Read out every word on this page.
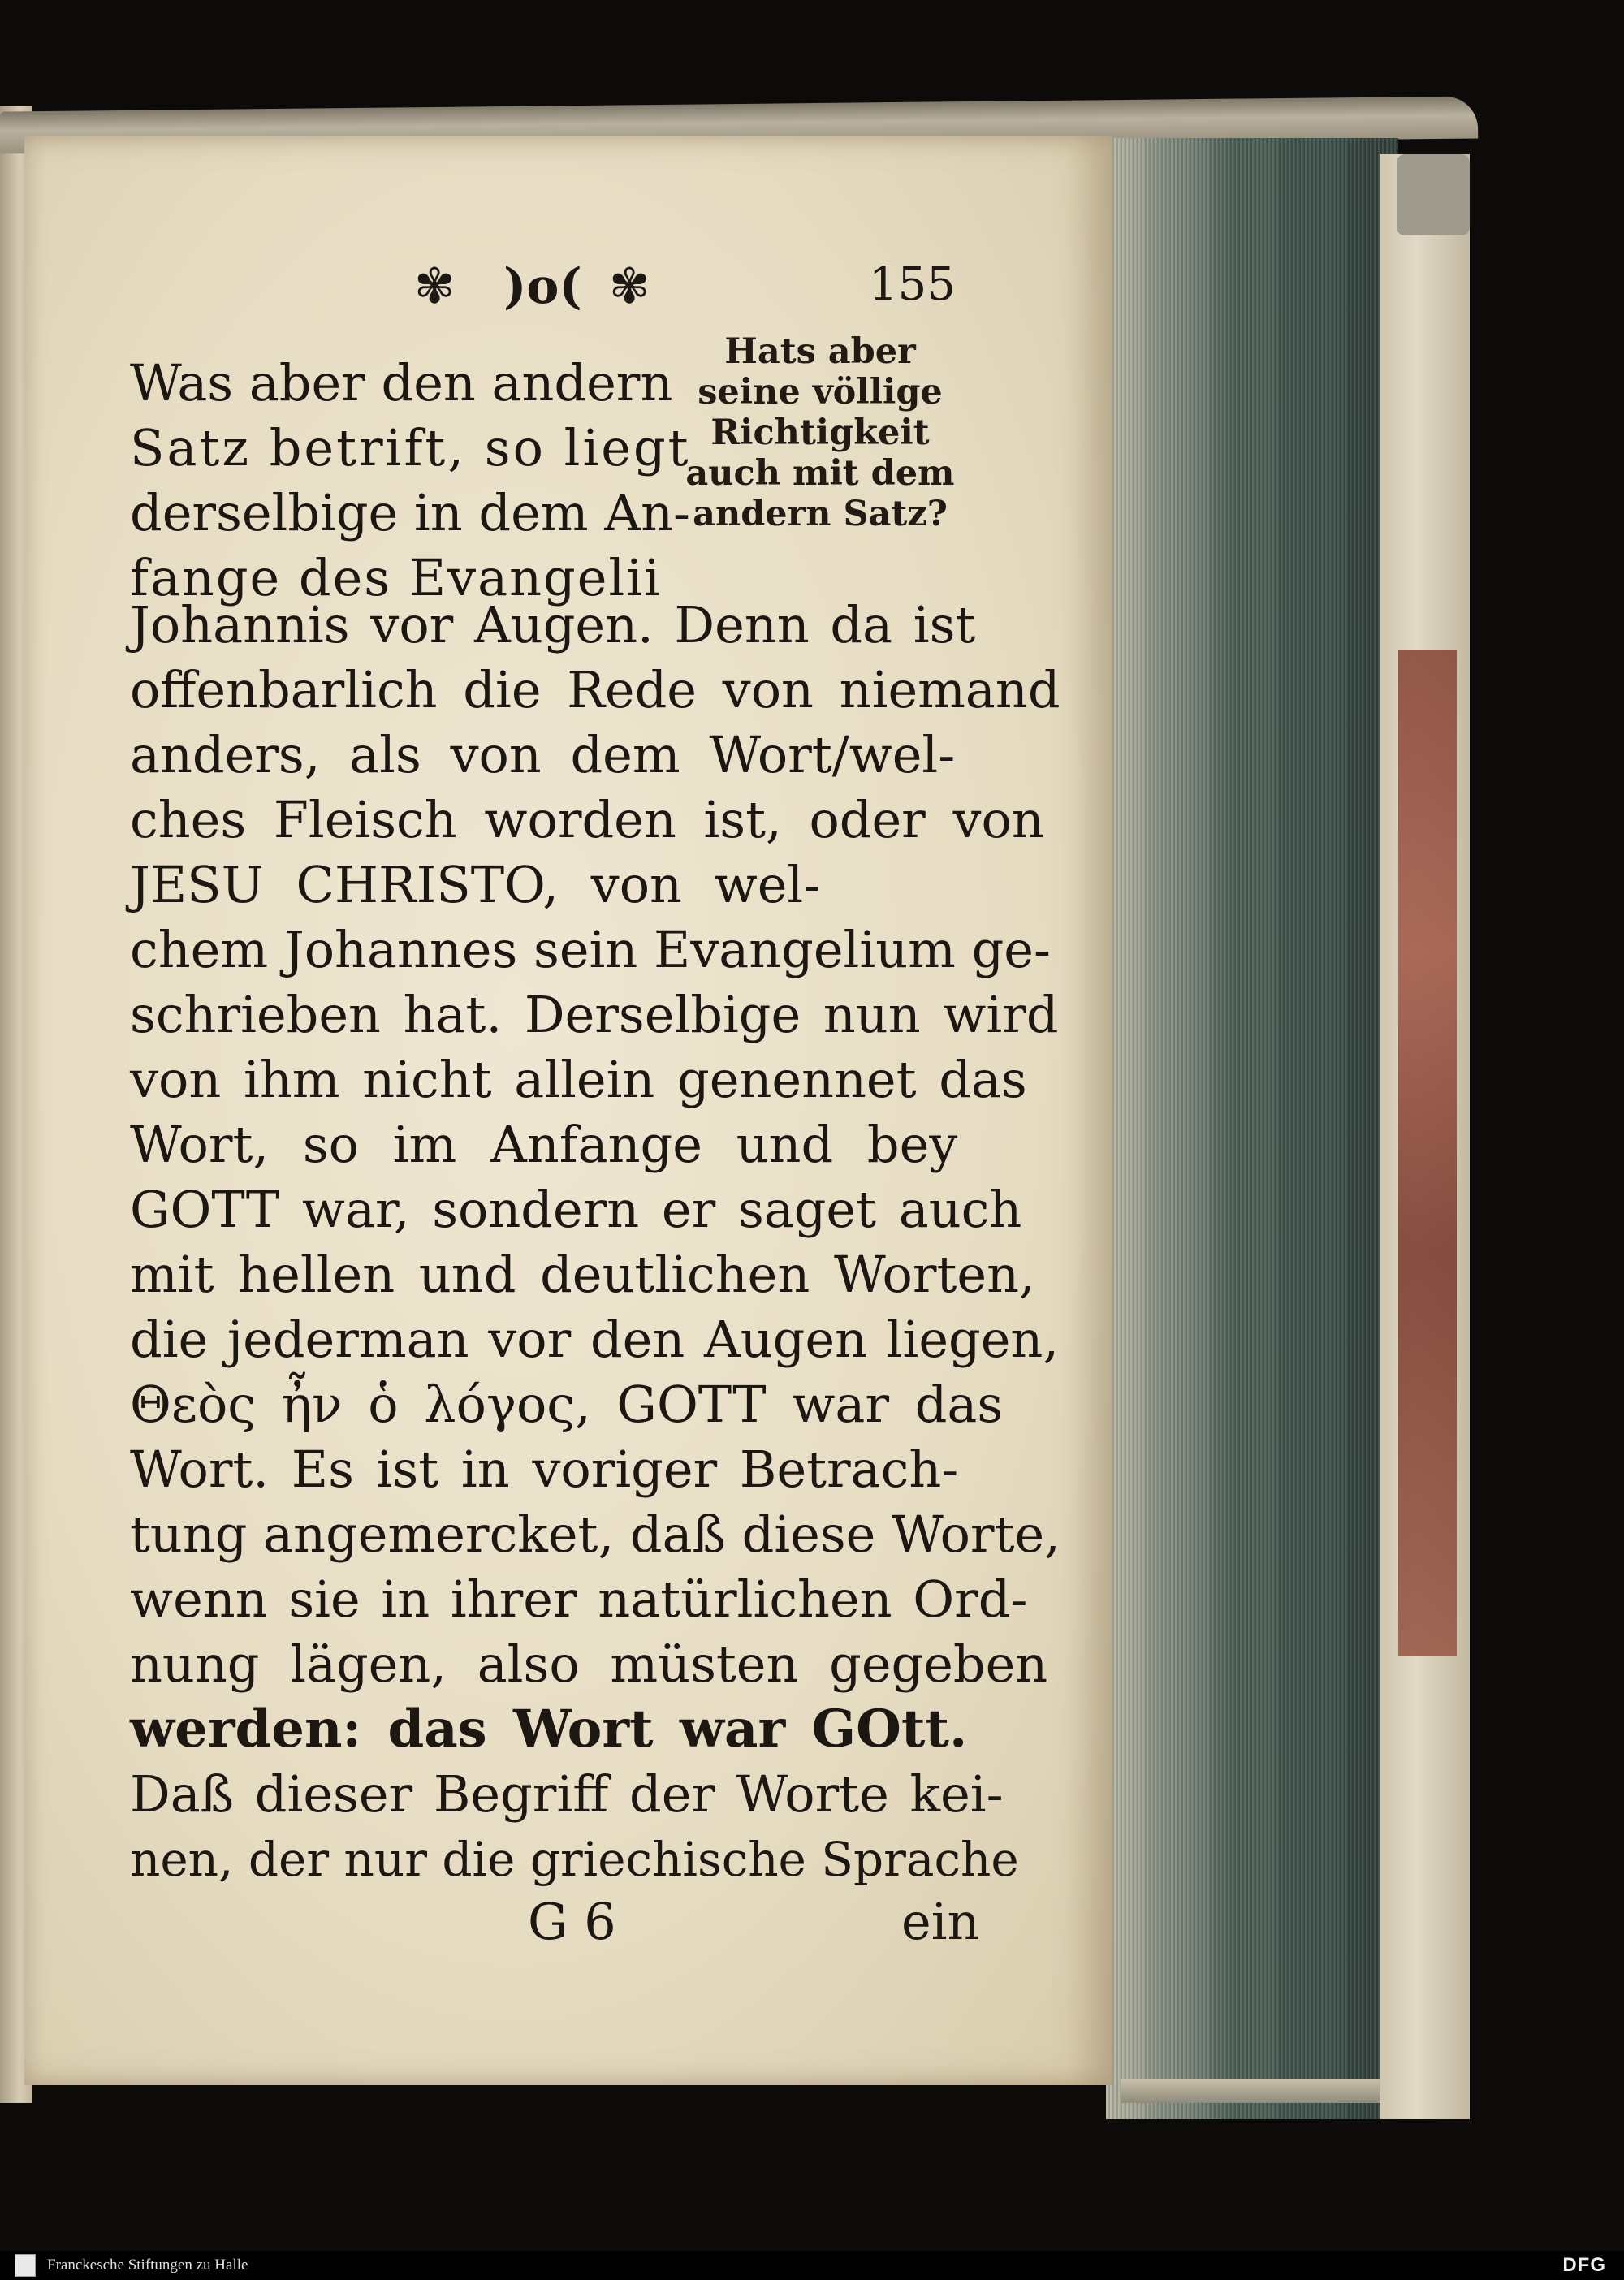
✾ )o( ✾	155
Hats aber
seine völlige
Richtigkeit
auch mit dem
andern Satz?
Was aber den andern
Satz betrift, so liegt
derselbige in dem An-
fange des Evangelii
Johannis vor Augen. Denn da ist
offenbarlich die Rede von niemand
anders, als von dem Wort/wel-
ches Fleisch worden ist, oder von
JESU CHRISTO, von wel-
chem Johannes sein Evangelium ge-
schrieben hat. Derselbige nun wird
von ihm nicht allein genennet das
Wort, so im Anfange und bey
GOTT war, sondern er saget auch
mit hellen und deutlichen Worten,
die jederman vor den Augen liegen,
Θεὸς ἦν ὁ λόγος, GOTT war das
Wort. Es ist in voriger Betrach-
tung angemercket, daß diese Worte,
wenn sie in ihrer natürlichen Ord-
nung lägen, also müsten gegeben
werden: das Wort war GOtt.
Daß dieser Begriff der Worte kei-
nen, der nur die griechische Sprache
G 6	ein
Franckesche Stiftungen zu Halle	DFG
